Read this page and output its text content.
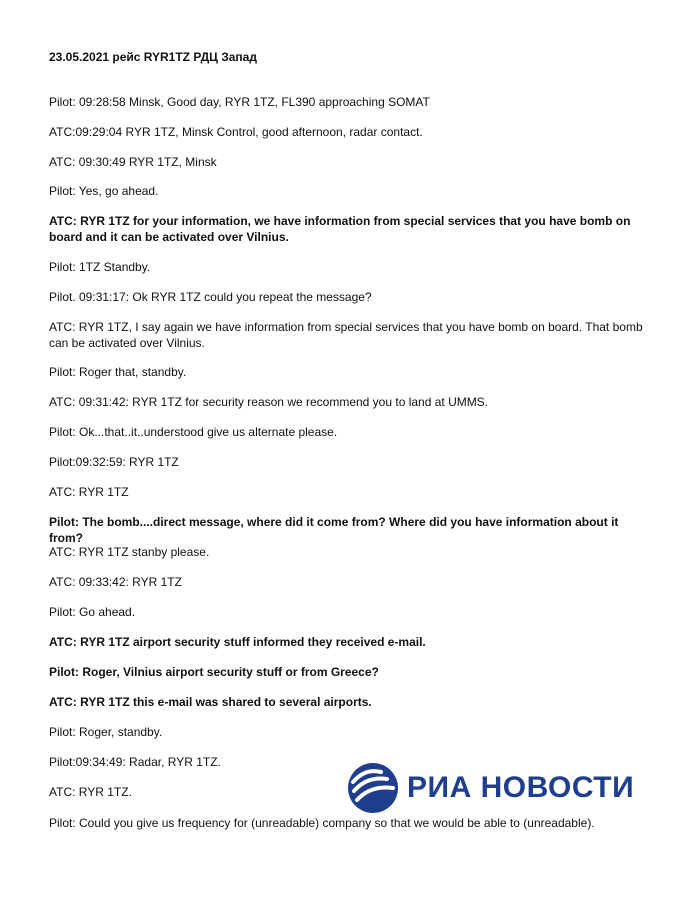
23.05.2021 рейс RYR1TZ РДЦ Запад
Pilot: 09:28:58 Minsk, Good day, RYR 1TZ, FL390 approaching SOMAT
ATC:09:29:04 RYR 1TZ, Minsk Control, good afternoon, radar contact.
ATC: 09:30:49 RYR 1TZ, Minsk
Pilot: Yes, go ahead.
ATC: RYR 1TZ for your information, we have information from special services that you have bomb on board and it can be activated over Vilnius.
Pilot: 1TZ Standby.
Pilot. 09:31:17: Ok RYR 1TZ could you repeat the message?
ATC: RYR 1TZ, I say again we have information from special services that you have bomb on board. That bomb can be activated over Vilnius.
Pilot: Roger that, standby.
ATC: 09:31:42: RYR 1TZ for security reason we recommend you to land at UMMS.
Pilot: Ok...that..it..understood give us alternate please.
Pilot:09:32:59: RYR 1TZ
ATC: RYR 1TZ
Pilot: The bomb....direct message, where did it come from? Where did you have information about it from?
ATC: RYR 1TZ stanby please.
ATC: 09:33:42: RYR 1TZ
Pilot: Go ahead.
ATC: RYR 1TZ airport security stuff informed they received e-mail.
Pilot: Roger, Vilnius airport security stuff or from Greece?
ATC: RYR 1TZ this e-mail was shared to several airports.
Pilot: Roger, standby.
Pilot:09:34:49: Radar, RYR 1TZ.
ATC: RYR 1TZ.
Pilot: Could you give us frequency for (unreadable) company so that we would be able to (unreadable).
РИА НОВОСТИ
